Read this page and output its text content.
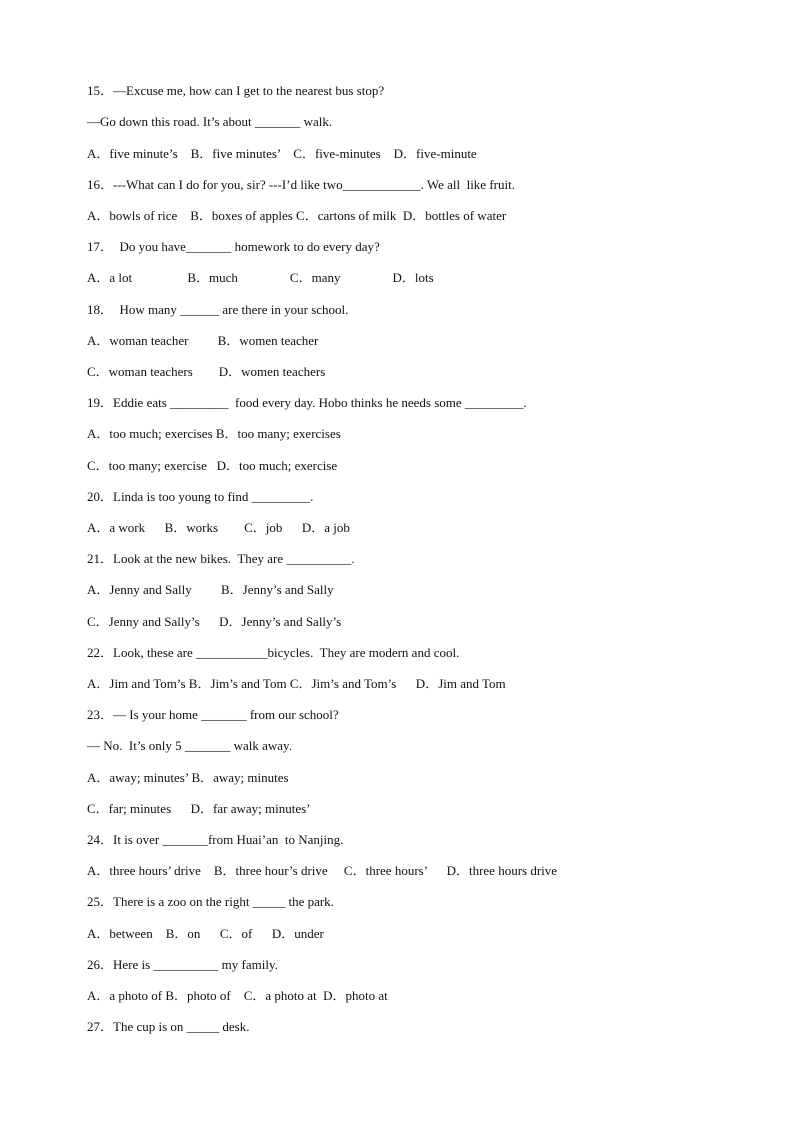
15．—Excuse me, how can I get to the nearest bus stop?
—Go down this road. It’s about _______ walk.
A．five minute’s    B．five minutes’    C．five-minutes    D．five-minute
16．---What can I do for you, sir? ---I’d like two____________. We all  like fruit.
A．bowls of rice    B．boxes of apples C．cartons of milk  D．bottles of water
17．  Do you have_______ homework to do every day?
A．a lot                 B．much                C．many                D．lots
18．  How many ______ are there in your school.
A．woman teacher         B．women teacher
C．woman teachers        D．women teachers
19．Eddie eats _________  food every day. Hobo thinks he needs some _________.
A．too much; exercises B．too many; exercises
C．too many; exercise   D．too much; exercise
20．Linda is too young to find _________.
A．a work      B．works        C．job      D．a job
21．Look at the new bikes.  They are __________.
A．Jenny and Sally         B．Jenny’s and Sally
C．Jenny and Sally’s      D．Jenny’s and Sally’s
22．Look, these are ___________bicycles.  They are modern and cool.
A．Jim and Tom’s B．Jim’s and Tom C．Jim’s and Tom’s      D．Jim and Tom
23．— Is your home _______ from our school?
— No.  It’s only 5 _______ walk away.
A．away; minutes’ B．away; minutes
C．far; minutes      D．far away; minutes’
24．It is over _______from Huai’an  to Nanjing.
A．three hours’ drive    B．three hour’s drive     C．three hours’      D．three hours drive
25．There is a zoo on the right _____ the park.
A．between    B．on      C．of      D．under
26．Here is __________ my family.
A．a photo of B．photo of    C．a photo at  D．photo at
27．The cup is on _____ desk.
